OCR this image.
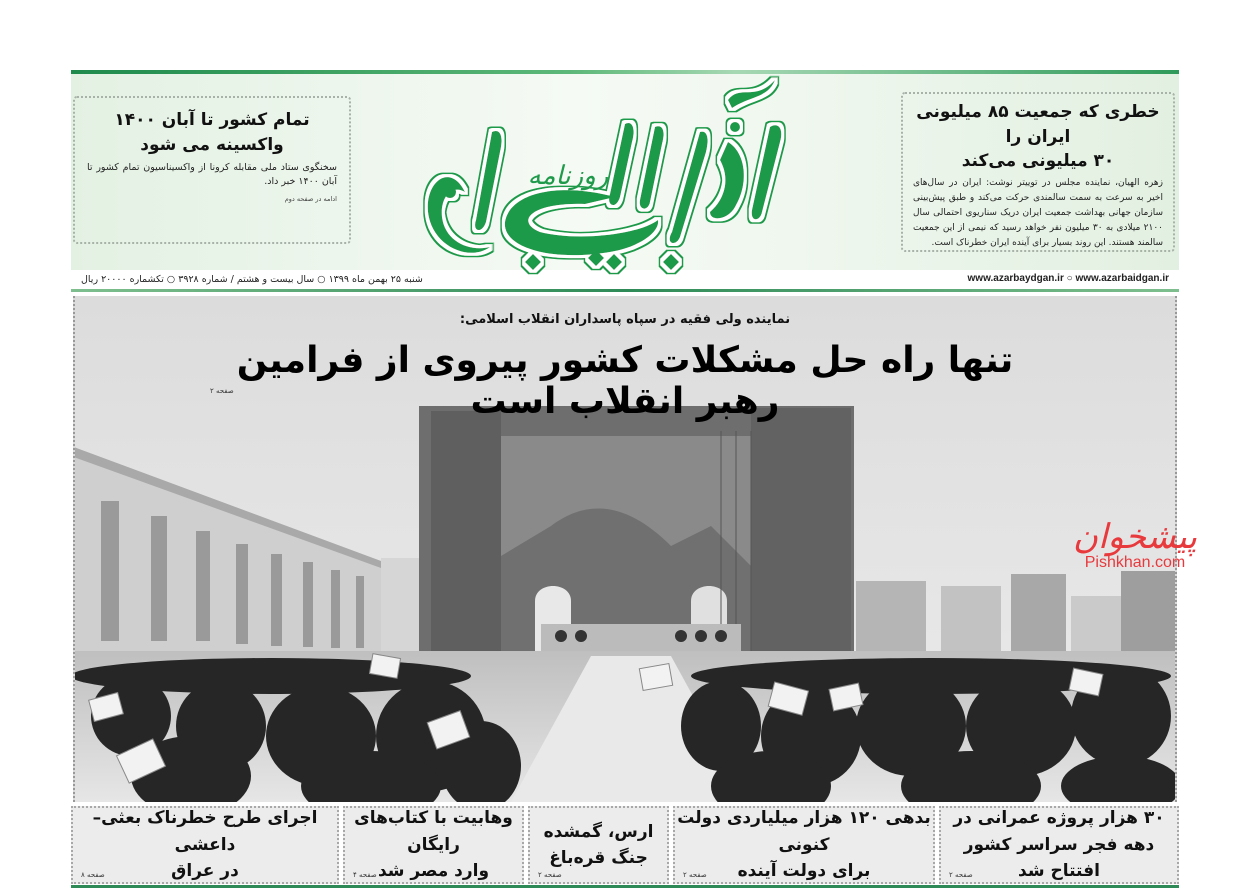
خطری که جمعیت ۸۵ میلیونی ایران را
۳۰ میلیونی می‌کند

زهره الهیان، نماینده مجلس در توییتر نوشت: ایران در سال‌های اخیر به سرعت به سمت سالمندی حرکت می‌کند و طبق پیش‌بینی سازمان جهانی بهداشت جمعیت ایران دریک سناریوی احتمالی سال ۲۱۰۰ میلادی به ۳۰ میلیون نفر خواهد رسید که نیمی از این جمعیت سالمند هستند. این روند بسیار برای آینده ایران خطرناک است.

روزنامه
تمام کشور تا آبان ۱۴۰۰
واکسینه می شود

سخنگوی ستاد ملی مقابله کرونا از واکسیناسیون تمام کشور تا آبان ۱۴۰۰ خبر داد.

ادامه در صفحه دوم

شنبه ۲۵ بهمن ماه ۱۳۹۹ ○ سال بیست و هشتم / شماره ۳۹۲۸ ○ تکشماره ۲۰۰۰۰ ریال	www.azarbaydgan.ir ○ www.azarbaidgan.ir
نماینده ولی فقیه در سپاه پاسداران انقلاب اسلامی:
تنها راه حل مشکلات کشور پیروی از فرامین رهبر انقلاب است
صفحه ۲
پیشخوان
Pishkhan.com
۳۰ هزار پروژه عمرانی در
دهه فجر سراسر کشور افتتاح شد
صفحه ۲
بدهی ۱۲۰ هزار میلیاردی دولت کنونی
برای دولت آینده
صفحه ۲
ارس، گمشده
جنگ قره‌باغ
صفحه ۲
وهابیت با کتاب‌های رایگان
وارد مصر شد
صفحه ۴
اجرای طرح خطرناک بعثی– داعشی
در عراق
صفحه ۸
